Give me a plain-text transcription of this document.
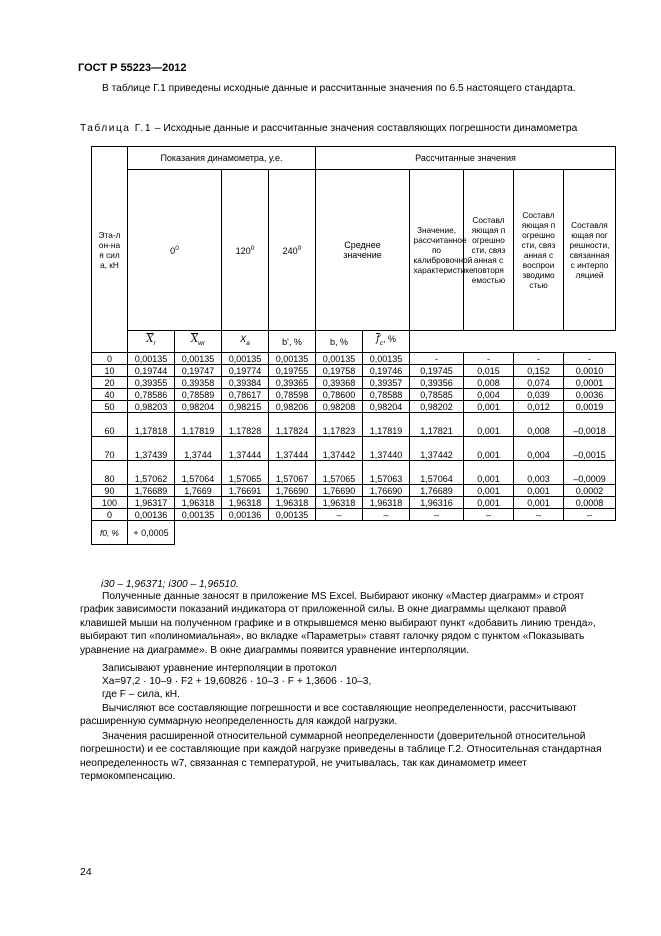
ГОСТ Р 55223—2012
В таблице Г.1 приведены исходные данные и рассчитанные значения по 6.5 настоящего стандарта.
Таблица Г.1 – Исходные данные и рассчитанные значения составляющих погрешности динамометра
Эта-лон-ная сила, кН	Показания динамометра, у.е.				Рассчитанные значения					
	$0^0$		$120^0$	$240^0$	Среднее значение		Значение, рассчитанное по калибровочной характеристике	Составляющая погрешности, связанная с повторяемостью	Составляющая погрешности, связанная с воспроизводимостью	Составляющая погрешности, связанная с интерполяцией

	$\overline{X}_r$	$\overline{X}_{wr}$	$X_a$	b', %	b, %	$\overline{f}_c$, %				
0	0,00135	0,00135	0,00135	0,00135	0,00135	0,00135	-	-	-	-
10	0,19744	0,19747	0,19774	0,19755	0,19758	0,19746	0,19745	0,015	0,152	0,0010
20	0,39355	0,39358	0,39384	0,39365	0,39368	0,39357	0,39356	0,008	0,074	0,0001
40	0,78586	0,78589	0,78617	0,78598	0,78600	0,78588	0,78585	0,004	0,039	0,0036
50	0,98203	0,98204	0,98215	0,98206	0,98208	0,98204	0,98202	0,001	0,012	0,0019
60	1,17818	1,17819	1,17828	1,17824	1,17823	1,17819	1,17821	0,001	0,008	–0,0018
70	1,37439	1,3744	1,37444	1,37444	1,37442	1,37440	1,37442	0,001	0,004	–0,0015
80	1,57062	1,57064	1,57065	1,57067	1,57065	1,57063	1,57064	0,001	0,003	–0,0009
90	1,76689	1,7669	1,76691	1,76690	1,76690	1,76690	1,76689	0,001	0,001	0,0002
100	1,96317	1,96318	1,96318	1,96318	1,96318	1,96318	1,96316	0,001	0,001	0,0008
0	0,00136	0,00135	0,00136	0,00135	–	–	–	–	–	–
f0, %	+ 0,0005									
i30 – 1,96371; i300 – 1,96510.
Полученные данные заносят в приложение MS Excel. Выбирают иконку «Мастер диаграмм» и строят график зависимости показаний индикатора от приложенной силы. В окне диаграммы щелкают правой клавишей мыши на полученном графике и в открывшемся меню выбирают пункт «добавить линию тренда», выбирают тип «полиномиальная», во вкладке «Параметры» ставят галочку рядом с пунктом «Показывать уравнение на диаграмме». В окне диаграммы появится уравнение интерполяции.
Записывают уравнение интерполяции в протокол
Xa=97,2 · 10–9 · F2 + 19,60826 · 10–3 · F + 1,3606 · 10–3,
где F – сила, кН.
Вычисляют все составляющие погрешности и все составляющие неопределенности, рассчитывают расширенную суммарную неопределенность для каждой нагрузки.
Значения расширенной относительной суммарной неопределенности (доверительной относительной погрешности) и ее составляющие при каждой нагрузке приведены в таблице Г.2. Относительная стандартная неопределенность w7, связанная с температурой, не учитывалась, так как динамометр имеет термокомпенсацию.
24
